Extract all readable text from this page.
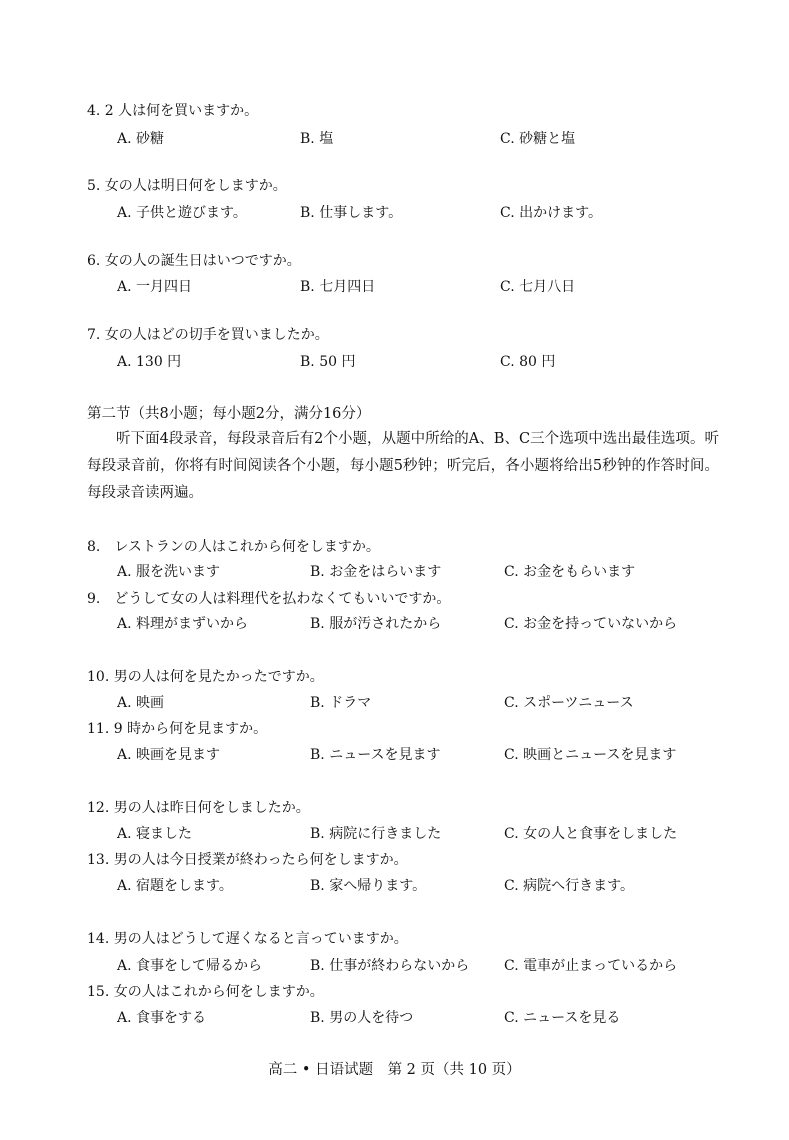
4. 2 人は何を買いますか。
A. 砂糖	B. 塩	C. 砂糖と塩
5. 女の人は明日何をしますか。
A. 子供と遊びます。	B. 仕事します。	C. 出かけます。
6. 女の人の誕生日はいつですか。
A. 一月四日	B. 七月四日	C. 七月八日
7. 女の人はどの切手を買いましたか。
A. 130 円	B. 50 円	C. 80 円
第二节（共8小题；每小题2分，满分16分）
听下面4段录音，每段录音后有2个小题，从题中所给的A、B、C三个选项中选出最佳选项。听每段录音前，你将有时间阅读各个小题，每小题5秒钟；听完后，各小题将给出5秒钟的作答时间。每段录音读两遍。
8.　レストランの人はこれから何をしますか。
A. 服を洗います	B. お金をはらいます	C. お金をもらいます
9.　どうして女の人は料理代を払わなくてもいいですか。
A. 料理がまずいから	B. 服が汚されたから	C. お金を持っていないから
10. 男の人は何を見たかったですか。
A. 映画	B. ドラマ	C. スポーツニュース
11. 9 時から何を見ますか。
A. 映画を見ます	B. ニュースを見ます	C. 映画とニュースを見ます
12. 男の人は昨日何をしましたか。
A. 寝ました	B. 病院に行きました	C. 女の人と食事をしました
13. 男の人は今日授業が終わったら何をしますか。
A. 宿題をします。	B. 家へ帰ります。	C. 病院へ行きます。
14. 男の人はどうして遅くなると言っていますか。
A. 食事をして帰るから	B. 仕事が終わらないから C. 電車が止まっているから
15. 女の人はこれから何をしますか。
A. 食事をする	B. 男の人を待つ	C. ニュースを見る
高二 • 日语试题　第 2 页（共 10 页）
